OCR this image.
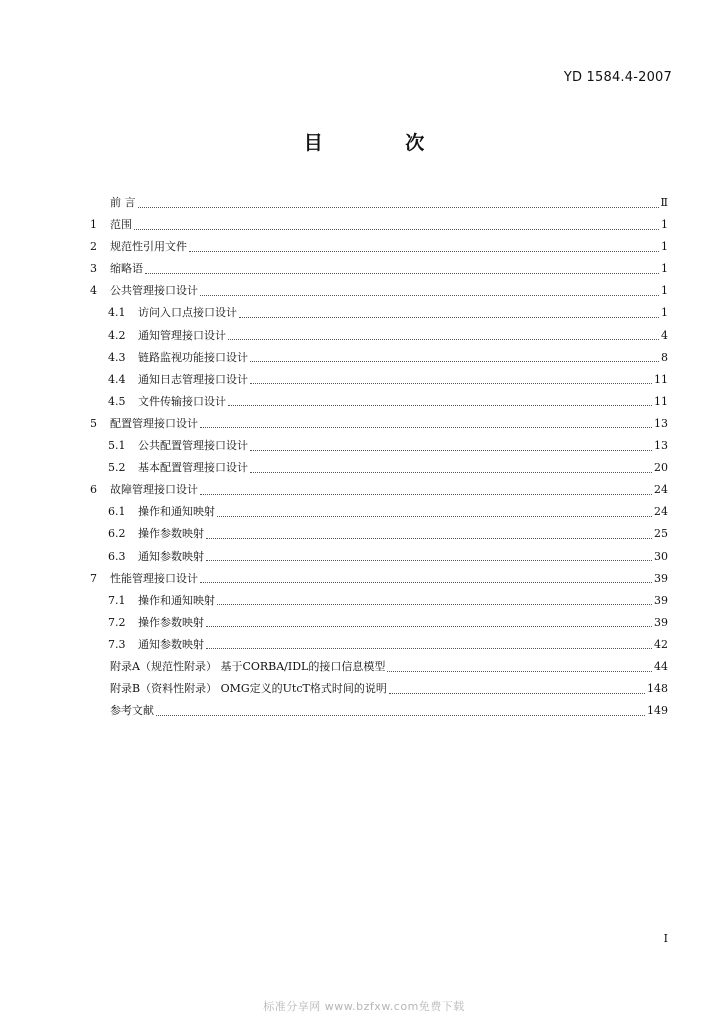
YD 1584.4-2007
目 次
前 言	Ⅱ
1	范围	1
2	规范性引用文件	1
3	缩略语	1
4	公共管理接口设计	1
4.1	访问入口点接口设计	1
4.2	通知管理接口设计	4
4.3	链路监视功能接口设计	8
4.4	通知日志管理接口设计	11
4.5	文件传输接口设计	11
5	配置管理接口设计	13
5.1	公共配置管理接口设计	13
5.2	基本配置管理接口设计	20
6	故障管理接口设计	24
6.1	操作和通知映射	24
6.2	操作参数映射	25
6.3	通知参数映射	30
7	性能管理接口设计	39
7.1	操作和通知映射	39
7.2	操作参数映射	39
7.3	通知参数映射	42
附录A（规范性附录） 基于CORBA/IDL的接口信息模型	44
附录B（资料性附录） OMG定义的UtcT格式时间的说明	148
参考文献	149
I
标准分享网 www.bzfxw.com免费下载
